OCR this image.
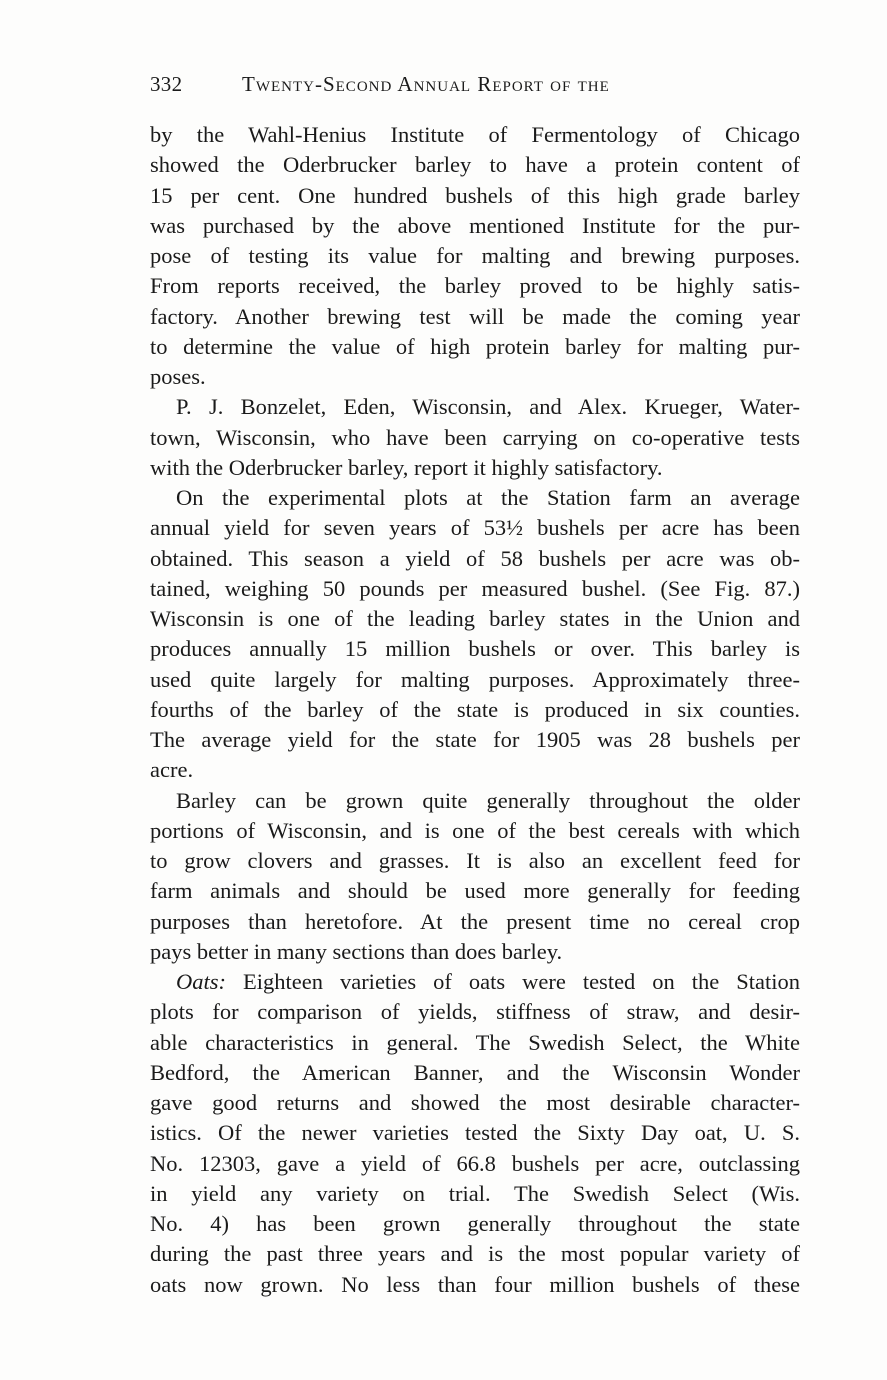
332	Twenty-Second Annual Report of the
by the Wahl-Henius Institute of Fermentology of Chicago
showed the Oderbrucker barley to have a protein content of
15 per cent. One hundred bushels of this high grade barley
was purchased by the above mentioned Institute for the pur-
pose of testing its value for malting and brewing purposes.
From reports received, the barley proved to be highly satis-
factory. Another brewing test will be made the coming year
to determine the value of high protein barley for malting pur-
poses.
P. J. Bonzelet, Eden, Wisconsin, and Alex. Krueger, Water-
town, Wisconsin, who have been carrying on co-operative tests
with the Oderbrucker barley, report it highly satisfactory.
On the experimental plots at the Station farm an average
annual yield for seven years of 53½ bushels per acre has been
obtained. This season a yield of 58 bushels per acre was ob-
tained, weighing 50 pounds per measured bushel. (See Fig. 87.)
Wisconsin is one of the leading barley states in the Union and
produces annually 15 million bushels or over. This barley is
used quite largely for malting purposes. Approximately three-
fourths of the barley of the state is produced in six counties.
The average yield for the state for 1905 was 28 bushels per
acre.
Barley can be grown quite generally throughout the older
portions of Wisconsin, and is one of the best cereals with which
to grow clovers and grasses. It is also an excellent feed for
farm animals and should be used more generally for feeding
purposes than heretofore. At the present time no cereal crop
pays better in many sections than does barley.
Oats: Eighteen varieties of oats were tested on the Station
plots for comparison of yields, stiffness of straw, and desir-
able characteristics in general. The Swedish Select, the White
Bedford, the American Banner, and the Wisconsin Wonder
gave good returns and showed the most desirable character-
istics. Of the newer varieties tested the Sixty Day oat, U. S.
No. 12303, gave a yield of 66.8 bushels per acre, outclassing
in yield any variety on trial. The Swedish Select (Wis.
No. 4) has been grown generally throughout the state
during the past three years and is the most popular variety of
oats now grown. No less than four million bushels of these
